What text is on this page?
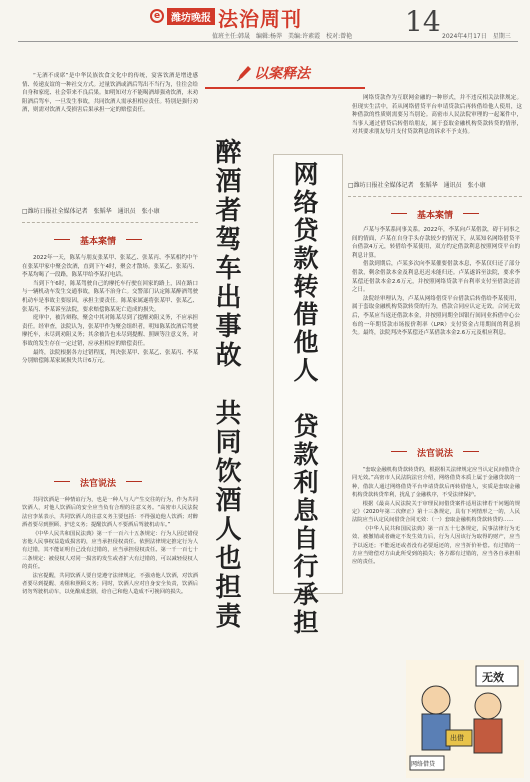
e	潍坊晚报 法治周刊	14
值班主任:韩晟　编辑:杨莽　美编:许素霞　校对:曾艳	2024年4月17日　星期三
以案释法

“无酒不成席”是中华民族饮食文化中的传统，宴客饮酒是增进感情、传递友谊的一种社交方式。过量饮酒或酒后驾出不当行为，往往会给自身和家庭、社会带来不良后果。如明知对方不能喝酒却强劝饮酒，未劝阻酒后驾车，一旦发生事故，共同饮酒人需承担相应责任。特别是强行劝酒，则需对饮酒人受损害后果承担一定的赔偿责任。

□潍坊日报社全媒体记者　张韬华　通讯员　张小康
基本案情

2022年一天，陈某与朋友张某甲、张某乙、张某丙、李某相约中午在张某甲家中聚会饮酒，直到下午4时，聚会才散场。张某乙、张某丙、李某均喝了一段路，陈某甲给李某打电话。

当到下午6时，陈某驾驶自己的摩托车行驶在回家的路上，因在路口与一辆机动车发生交通事故，陈某不治身亡。交警部门认定陈某醉酒驾驶机动车是事故主要原因，承担主要责任。陈某家属遂将张某甲、张某乙、张某丙、李某诉至法院，要求赔偿陈某死亡造成的损失。

庭审中，被告辩称，聚会中其对陈某尽到了提醒劝阻义务，不应承担责任。经审查，法院认为，张某甲作为聚会组织者，明知陈某饮酒后驾驶摩托车，未尽到劝阻义务；其余被告也未尽到提醒、照顾等注意义务，对事故的发生存在一定过错，应承担相应的赔偿责任。

最终，法院根据各方过错程度，判决张某甲、张某乙、张某丙、李某分别赔偿陈某家属损失共计6万元。

法官说法

共同饮酒是一种情谊行为，也是一种人与人产生交往的行为，作为共同饮酒人，对他人饮酒后的安全应当负有合理的注意义务。“高密市人民法院法官李某表示，共同饮酒人的注意义务主要包括：不得强迫他人饮酒；对醉酒者要尽到照顾、护送义务；提醒饮酒人不要酒后驾驶机动车。”

《中华人民共和国民法典》第一千一百六十五条规定：行为人因过错侵害他人民事权益造成损害的，应当承担侵权责任。依照法律规定推定行为人有过错，其不能证明自己没有过错的，应当承担侵权责任。第一千一百七十三条规定：被侵权人对同一损害的发生或者扩大有过错的，可以减轻侵权人的责任。

法官提醒，共同饮酒人要自觉遵守法律规定，不强劝他人饮酒，对饮酒者要尽到提醒、劝阻和照顾义务；同时，饮酒人应对自身安全负责，饮酒后切勿驾驶机动车，以免酿成悲剧，给自己和他人造成不可挽回的损失。 醉酒者驾车出事故　共同饮酒人也担责 网络贷款转借他人　贷款利息自行承担

网络贷款作为互联网金融的一种形式，并不违反相关法律规定。但现实生活中，若从网络借贷平台申请贷款后再转借给他人使用，这种借款的性质则需要另当别论。高密市人民法院审理的一起案件中，当事人通过借贷后转借给朋友，属于套取金融机构贷款转贷的情形，对其要求朋友每月支付贷款利息的诉求不予支持。

□潍坊日报社全媒体记者　张韬华　通讯员　张小康
基本案情

卢某与李某系同事关系。2022年，李某向卢某借款，碍于同事之间的情面，卢某在自身手头存款较少的情况下，从某知名网络借贷平台借款4万元，转借给李某使用，双方约定借款利息按照网贷平台的利息计算。

借款到期后，卢某多次向李某催要借款本息，李某仅归还了部分借款，剩余借款本金及利息迟迟未能归还。卢某遂诉至法院，要求李某偿还借款本金2.6万元，并按照网络贷款平台利率支付至借款还清之日。

法院经审理认为，卢某从网络借贷平台借款后转借给李某使用，属于套取金融机构贷款转贷的行为，借款合同应认定无效。合同无效后，李某应当返还借款本金，并按照同期全国银行间同业拆借中心公布的一年期贷款市场报价利率（LPR）支付资金占用期间的利息损失。最终，法院判决李某偿还卢某借款本金2.6万元及相应利息。

法官说法

“套取金融机构贷款转贷的，根据相关法律规定应当认定民间借贷合同无效。”高密市人民法院法官介绍，网络借贷本质上属于金融贷款的一种，借款人通过网络借贷平台申请贷款后再转借他人，实质是套取金融机构贷款转贷牟利，扰乱了金融秩序，不受法律保护。

根据《最高人民法院关于审理民间借贷案件适用法律若干问题的规定》（2020年第二次修正）第十三条规定，具有下列情形之一的，人民法院应当认定民间借贷合同无效：（一）套取金融机构贷款转贷的……

《中华人民共和国民法典》第一百五十七条规定，民事法律行为无效、被撤销或者确定不发生效力后，行为人因该行为取得的财产，应当予以返还；不能返还或者没有必要返还的，应当折价补偿。有过错的一方应当赔偿对方由此所受到的损失；各方都有过错的，应当各自承担相应的责任。

无效
出借
网络借贷
